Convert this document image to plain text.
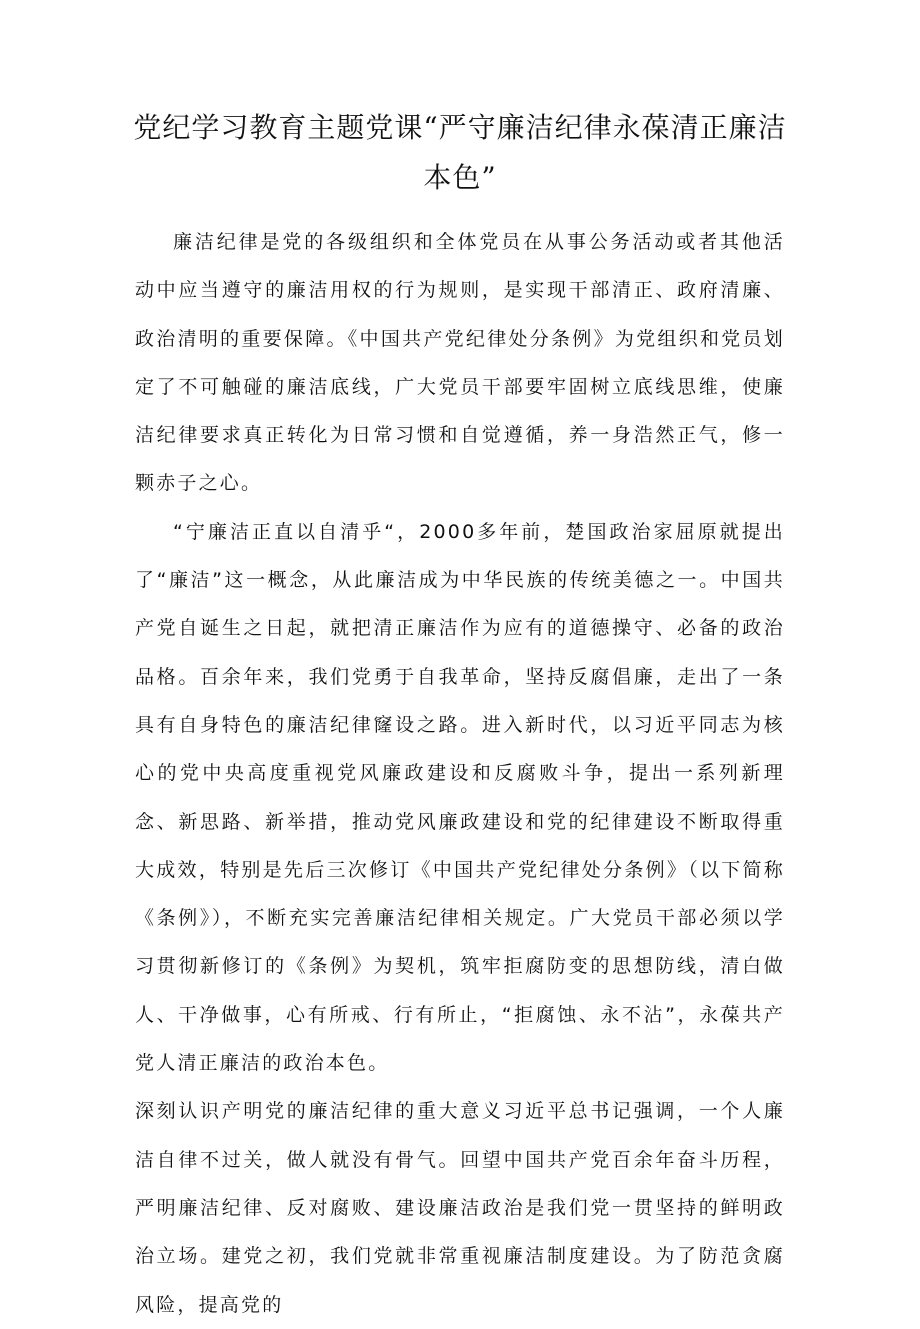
党纪学习教育主题党课“严守廉洁纪律永葆清正廉洁本色”

廉洁纪律是党的各级组织和全体党员在从事公务活动或者其他活动中应当遵守的廉洁用权的行为规则，是实现干部清正、政府清廉、政治清明的重要保障。《中国共产党纪律处分条例》为党组织和党员划定了不可触碰的廉洁底线，广大党员干部要牢固树立底线思维，使廉洁纪律要求真正转化为日常习惯和自觉遵循，养一身浩然正气，修一颗赤子之心。

“宁廉洁正直以自清乎“，2000多年前，楚国政治家屈原就提出了“廉洁”这一概念，从此廉洁成为中华民族的传统美德之一。中国共产党自诞生之日起，就把清正廉洁作为应有的道德操守、必备的政治品格。百余年来，我们党勇于自我革命，坚持反腐倡廉，走出了一条具有自身特色的廉洁纪律窿设之路。进入新时代，以习近平同志为核心的党中央高度重视党风廉政建设和反腐败斗争，提出一系列新理念、新思路、新举措，推动党风廉政建设和党的纪律建设不断取得重大成效，特别是先后三次修订《中国共产党纪律处分条例》（以下简称《条例》），不断充实完善廉洁纪律相关规定。广大党员干部必须以学习贯彻新修订的《条例》为契机，筑牢拒腐防变的思想防线，清白做人、干净做事，心有所戒、行有所止，“拒腐蚀、永不沾”，永葆共产党人清正廉洁的政治本色。

深刻认识产明党的廉洁纪律的重大意义习近平总书记强调，一个人廉洁自律不过关，做人就没有骨气。回望中国共产党百余年奋斗历程，严明廉洁纪律、反对腐败、建设廉洁政治是我们党一贯坚持的鲜明政治立场。建党之初，我们党就非常重视廉洁制度建设。为了防范贪腐风险，提高党的
